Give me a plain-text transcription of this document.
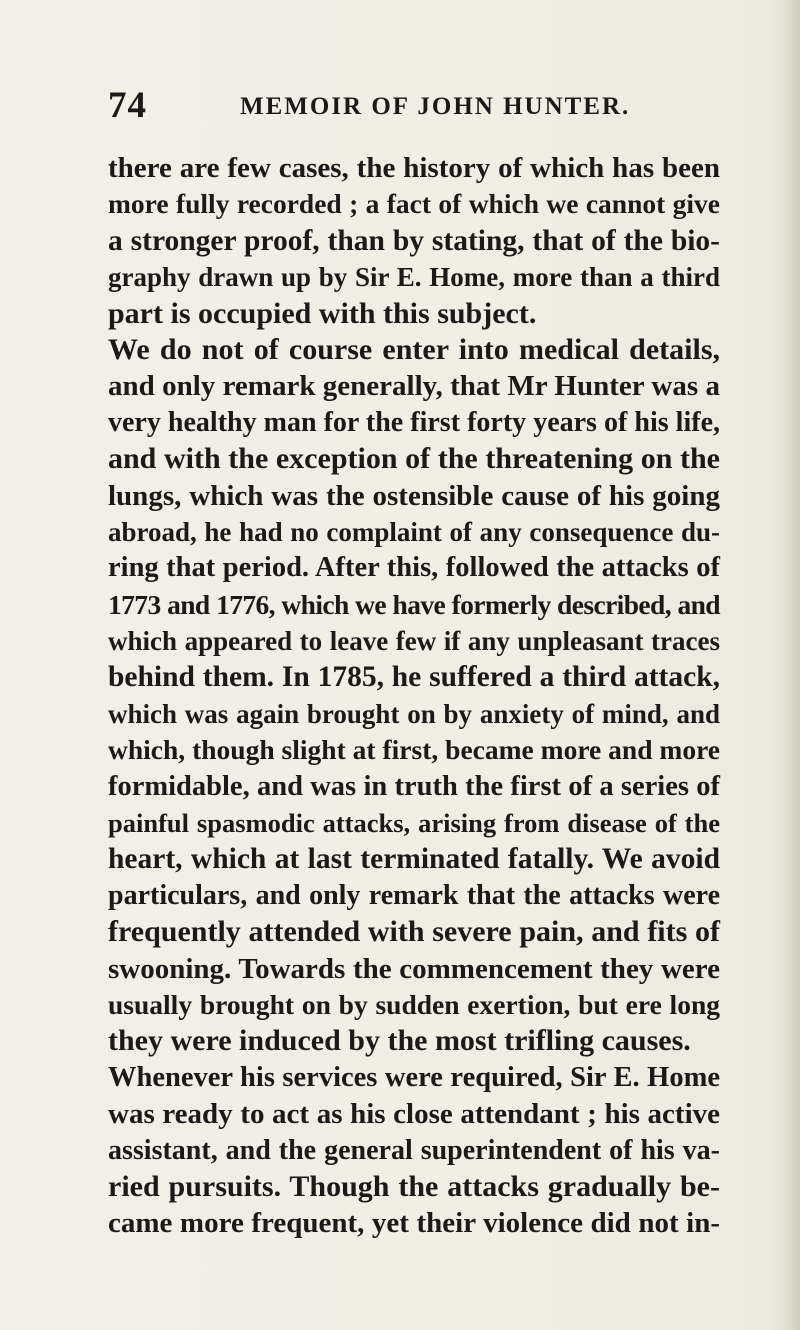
74	MEMOIR OF JOHN HUNTER.
there are few cases, the history of which has been
more fully recorded ; a fact of which we cannot give
a stronger proof, than by stating, that of the bio-
graphy drawn up by Sir E. Home, more than a third
part is occupied with this subject.
We do not of course enter into medical details,
and only remark generally, that Mr Hunter was a
very healthy man for the first forty years of his life,
and with the exception of the threatening on the
lungs, which was the ostensible cause of his going
abroad, he had no complaint of any consequence du-
ring that period. After this, followed the attacks of
1773 and 1776, which we have formerly described, and
which appeared to leave few if any unpleasant traces
behind them. In 1785, he suffered a third attack,
which was again brought on by anxiety of mind, and
which, though slight at first, became more and more
formidable, and was in truth the first of a series of
painful spasmodic attacks, arising from disease of the
heart, which at last terminated fatally. We avoid
particulars, and only remark that the attacks were
frequently attended with severe pain, and fits of
swooning. Towards the commencement they were
usually brought on by sudden exertion, but ere long
they were induced by the most trifling causes.
Whenever his services were required, Sir E. Home
was ready to act as his close attendant ; his active
assistant, and the general superintendent of his va-
ried pursuits. Though the attacks gradually be-
came more frequent, yet their violence did not in-
